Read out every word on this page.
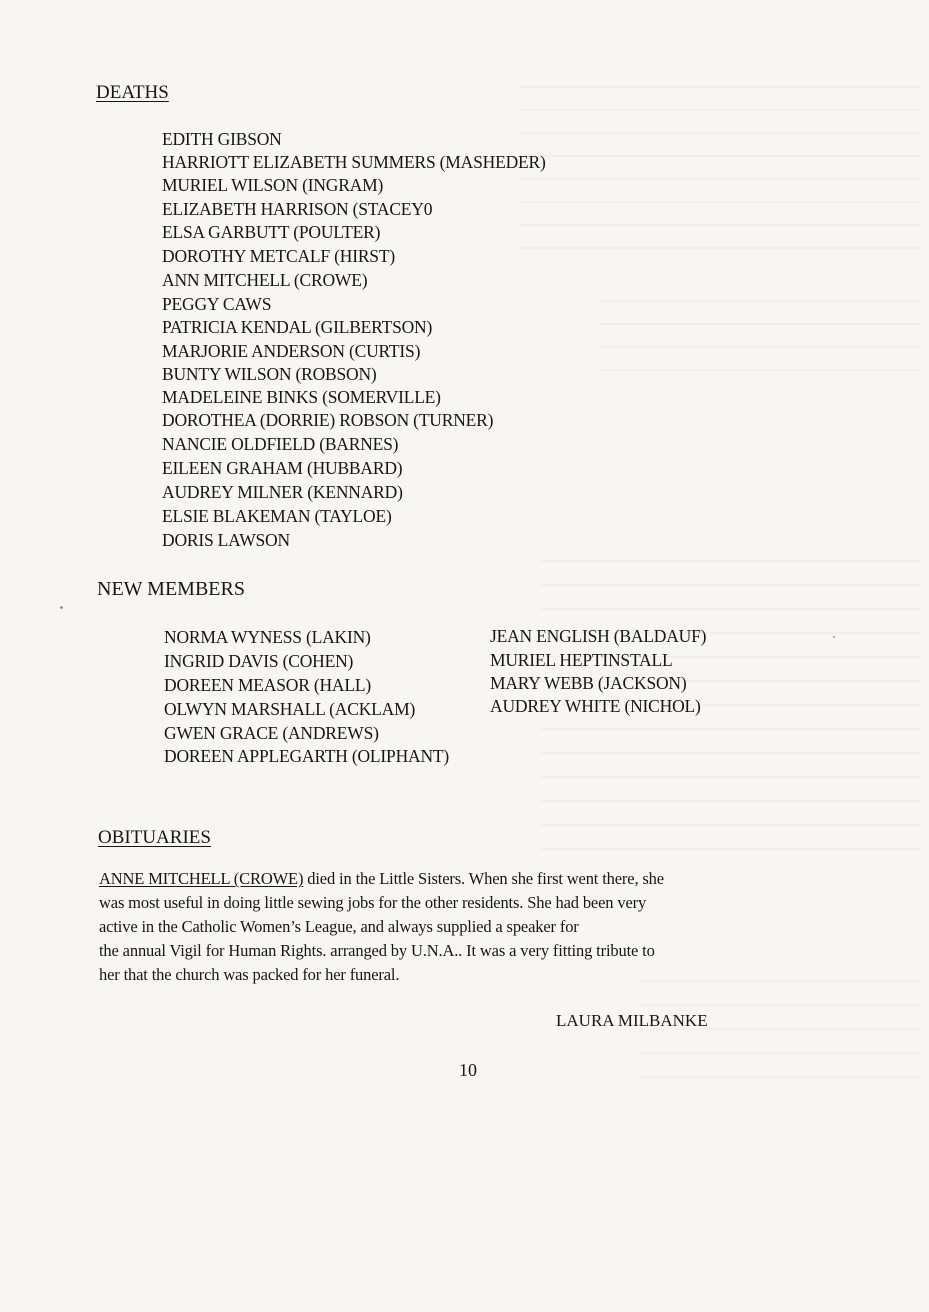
DEATHS
EDITH GIBSON
HARRIOTT ELIZABETH SUMMERS (MASHEDER)
MURIEL WILSON (INGRAM)
ELIZABETH HARRISON (STACEY0
ELSA GARBUTT (POULTER)
DOROTHY METCALF (HIRST)
ANN MITCHELL (CROWE)
PEGGY CAWS
PATRICIA KENDAL (GILBERTSON)
MARJORIE ANDERSON (CURTIS)
BUNTY WILSON (ROBSON)
MADELEINE BINKS (SOMERVILLE)
DOROTHEA (DORRIE) ROBSON (TURNER)
NANCIE OLDFIELD (BARNES)
EILEEN GRAHAM (HUBBARD)
AUDREY MILNER (KENNARD)
ELSIE BLAKEMAN (TAYLOE)
DORIS LAWSON
NEW MEMBERS
NORMA WYNESS (LAKIN)
INGRID DAVIS (COHEN)
DOREEN MEASOR (HALL)
OLWYN MARSHALL (ACKLAM)
GWEN GRACE (ANDREWS)
DOREEN APPLEGARTH (OLIPHANT)
JEAN ENGLISH (BALDAUF)
MURIEL HEPTINSTALL
MARY WEBB (JACKSON)
AUDREY WHITE (NICHOL)
OBITUARIES
ANNE MITCHELL (CROWE) died in the Little Sisters. When she first went there, she
was most useful in doing little sewing jobs for the other residents. She had been very
active in the Catholic Women’s League, and always supplied a speaker for
the annual Vigil for Human Rights. arranged by U.N.A.. It was a very fitting tribute to
her that the church was packed for her funeral.
LAURA MILBANKE
10
